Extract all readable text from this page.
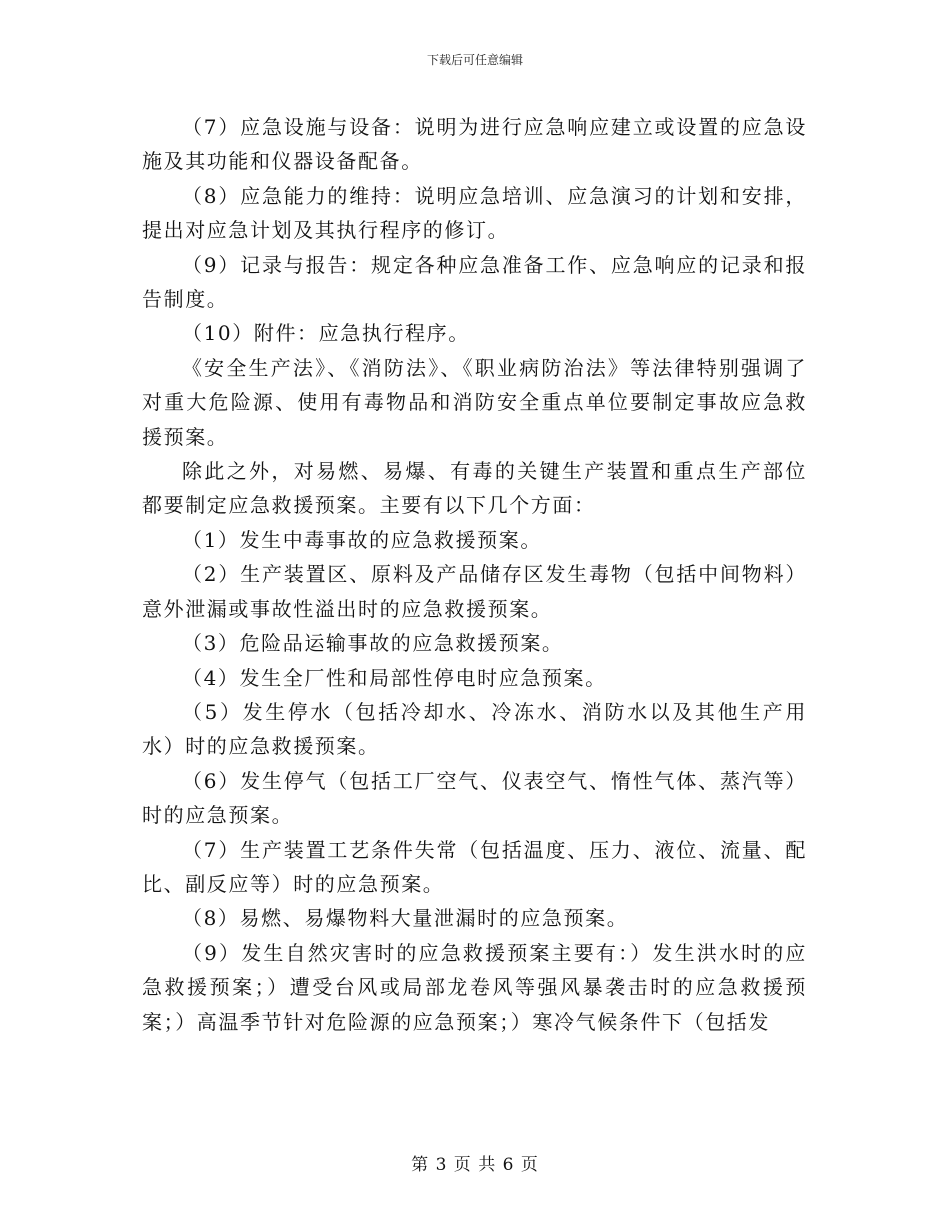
下载后可任意编辑

（7）应急设施与设备：说明为进行应急响应建立或设置的应急设施及其功能和仪器设备配备。

（8）应急能力的维持：说明应急培训、应急演习的计划和安排，提出对应急计划及其执行程序的修订。

（9）记录与报告：规定各种应急准备工作、应急响应的记录和报告制度。

（10）附件：应急执行程序。

《安全生产法》、《消防法》、《职业病防治法》等法律特别强调了对重大危险源、使用有毒物品和消防安全重点单位要制定事故应急救援预案。

除此之外，对易燃、易爆、有毒的关键生产装置和重点生产部位都要制定应急救援预案。主要有以下几个方面：

（1）发生中毒事故的应急救援预案。

（2）生产装置区、原料及产品储存区发生毒物（包括中间物料）意外泄漏或事故性溢出时的应急救援预案。

（3）危险品运输事故的应急救援预案。

（4）发生全厂性和局部性停电时应急预案。

（5）发生停水（包括冷却水、冷冻水、消防水以及其他生产用水）时的应急救援预案。

（6）发生停气（包括工厂空气、仪表空气、惰性气体、蒸汽等）时的应急预案。

（7）生产装置工艺条件失常（包括温度、压力、液位、流量、配比、副反应等）时的应急预案。

（8）易燃、易爆物料大量泄漏时的应急预案。

（9）发生自然灾害时的应急救援预案主要有：）发生洪水时的应急救援预案；）遭受台风或局部龙卷风等强风暴袭击时的应急救援预案；）高温季节针对危险源的应急预案；）寒冷气候条件下（包括发

第 3 页 共 6 页
